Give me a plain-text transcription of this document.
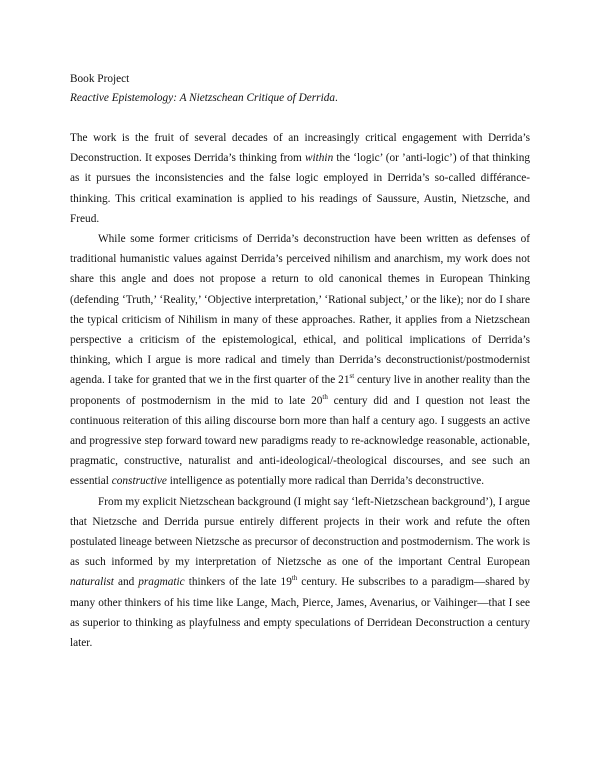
Book Project

Reactive Epistemology: A Nietzschean Critique of Derrida.

The work is the fruit of several decades of an increasingly critical engagement with Derrida’s Deconstruction. It exposes Derrida’s thinking from within the ‘logic’ (or ’anti-logic’) of that thinking as it pursues the inconsistencies and the false logic employed in Derrida’s so-called différance-thinking. This critical examination is applied to his readings of Saussure, Austin, Nietzsche, and Freud.

While some former criticisms of Derrida’s deconstruction have been written as defenses of traditional humanistic values against Derrida’s perceived nihilism and anarchism, my work does not share this angle and does not propose a return to old canonical themes in European Thinking (defending ‘Truth,’ ‘Reality,’ ‘Objective interpretation,’ ‘Rational subject,’ or the like); nor do I share the typical criticism of Nihilism in many of these approaches. Rather, it applies from a Nietzschean perspective a criticism of the epistemological, ethical, and political implications of Derrida’s thinking, which I argue is more radical and timely than Derrida’s deconstructionist/postmodernist agenda. I take for granted that we in the first quarter of the 21st century live in another reality than the proponents of postmodernism in the mid to late 20th century did and I question not least the continuous reiteration of this ailing discourse born more than half a century ago. I suggests an active and progressive step forward toward new paradigms ready to re-acknowledge reasonable, actionable, pragmatic, constructive, naturalist and anti-ideological/-theological discourses, and see such an essential constructive intelligence as potentially more radical than Derrida’s deconstructive.

From my explicit Nietzschean background (I might say ‘left-Nietzschean background’), I argue that Nietzsche and Derrida pursue entirely different projects in their work and refute the often postulated lineage between Nietzsche as precursor of deconstruction and postmodernism. The work is as such informed by my interpretation of Nietzsche as one of the important Central European naturalist and pragmatic thinkers of the late 19th century. He subscribes to a paradigm—shared by many other thinkers of his time like Lange, Mach, Pierce, James, Avenarius, or Vaihinger—that I see as superior to thinking as playfulness and empty speculations of Derridean Deconstruction a century later.
